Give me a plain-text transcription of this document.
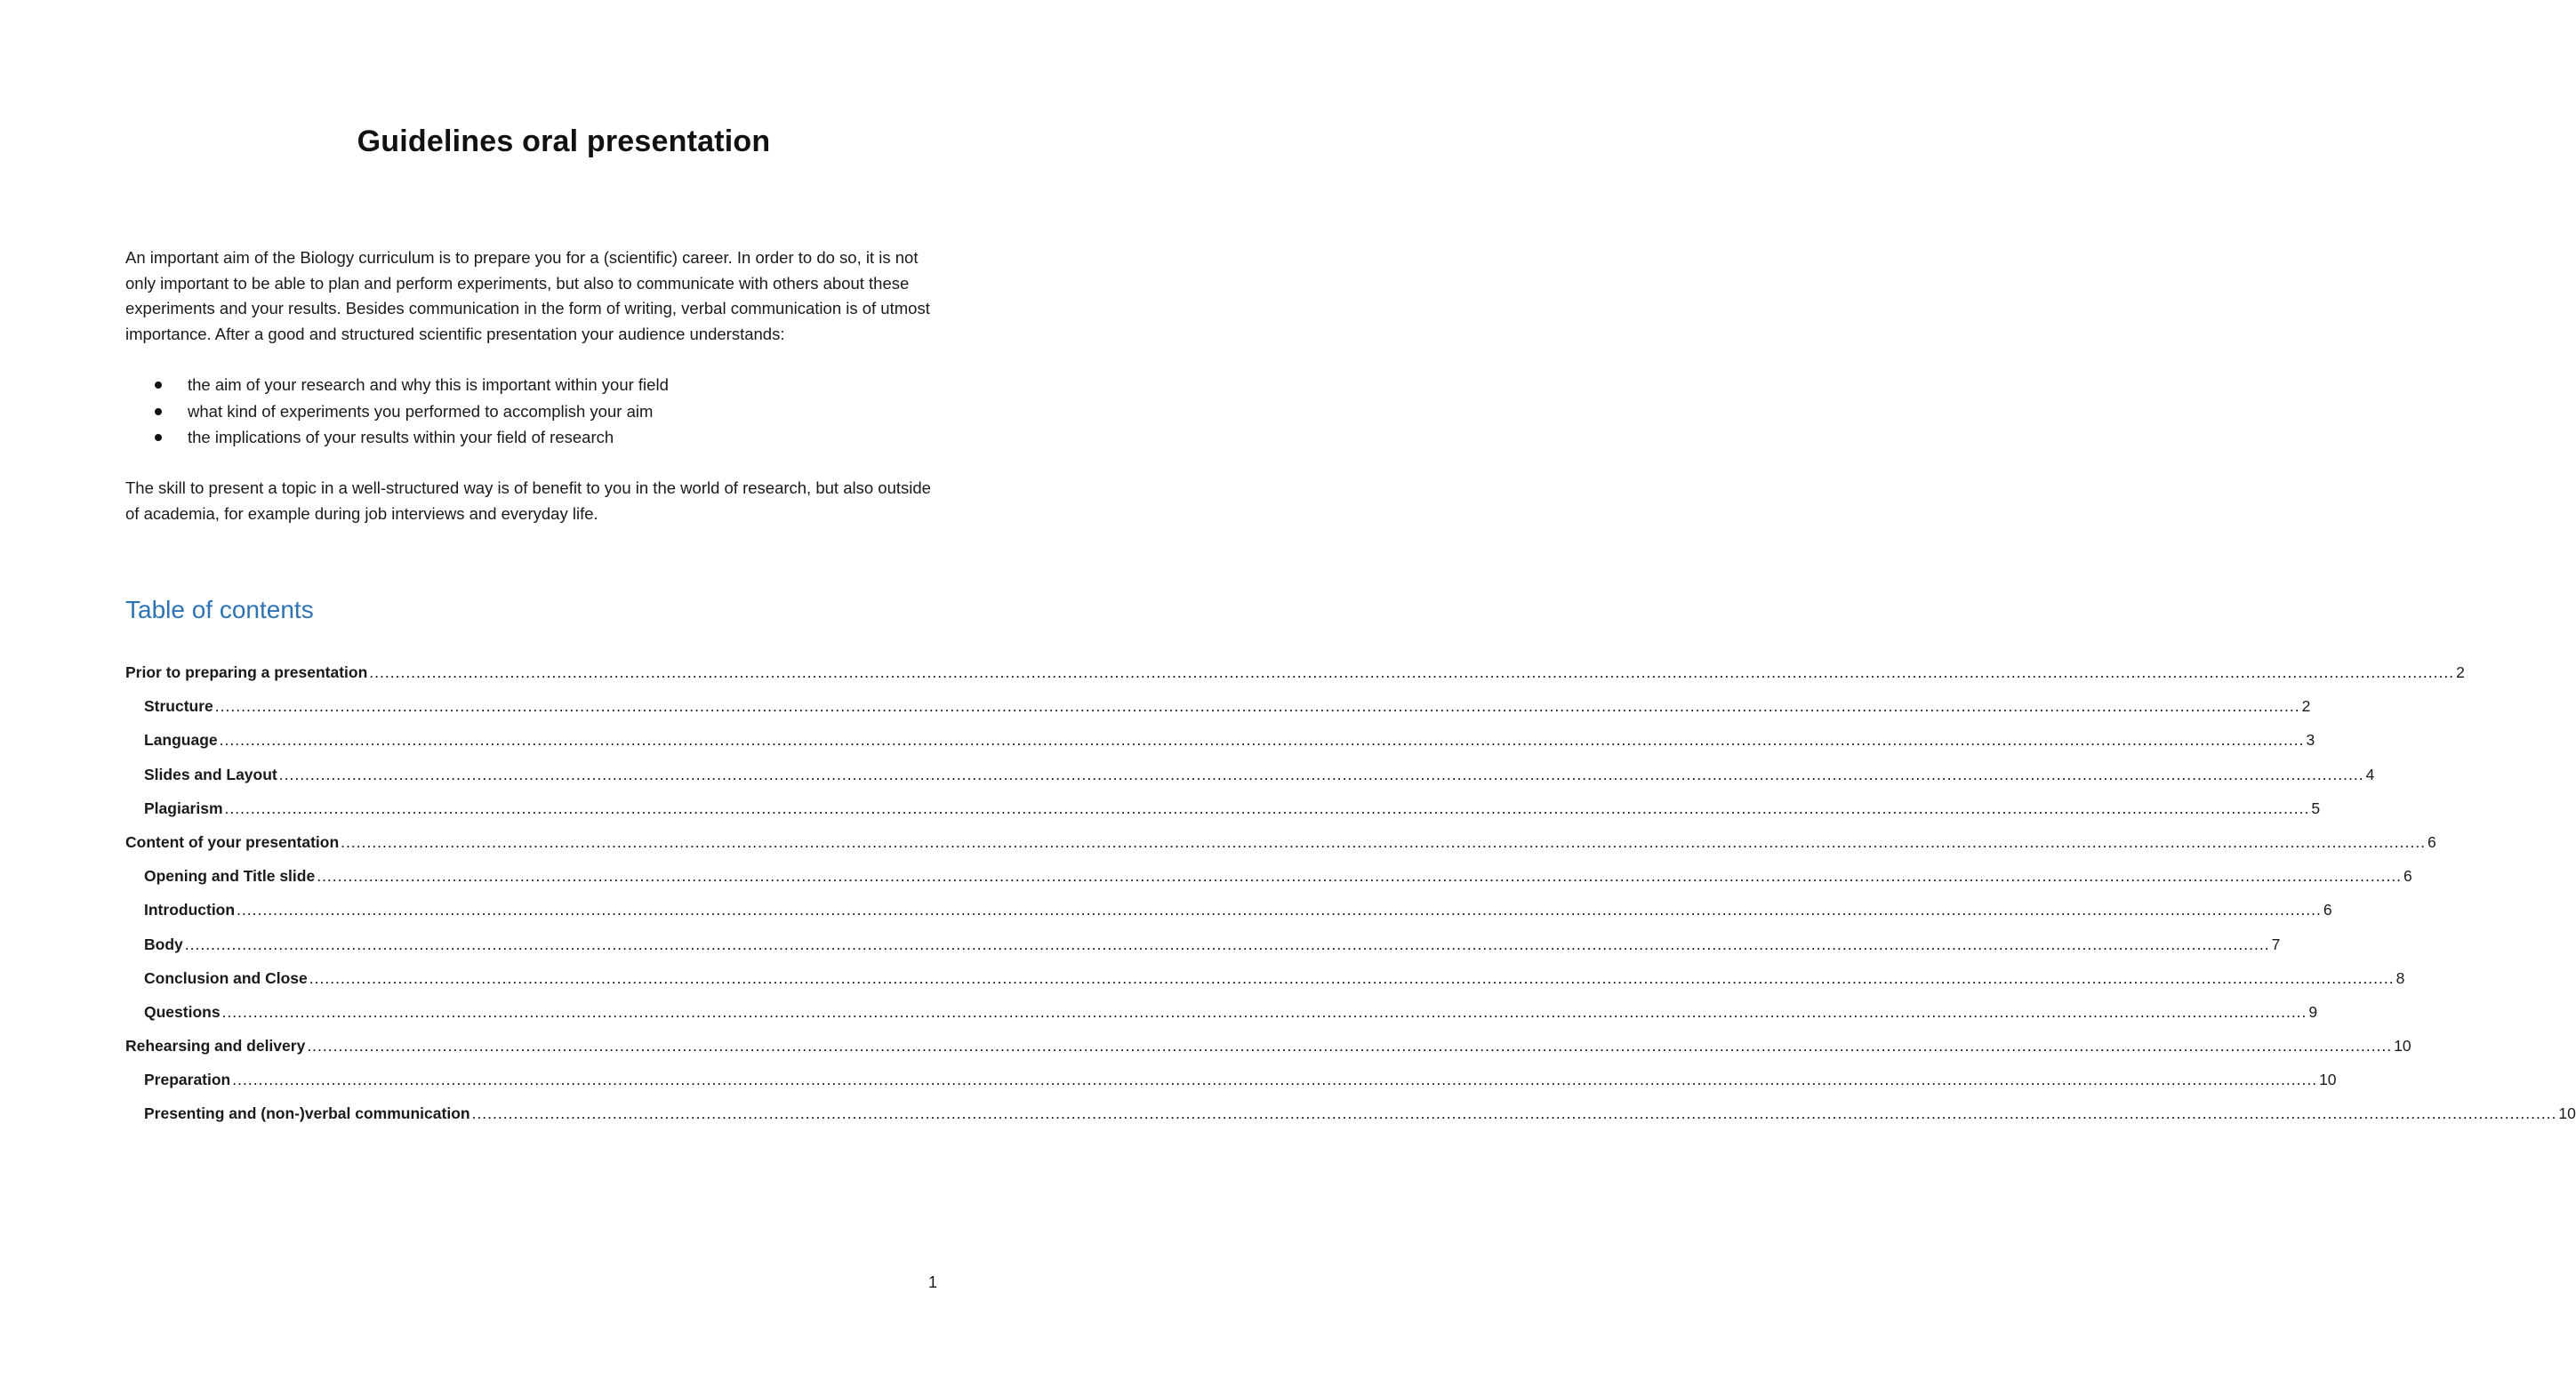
Guidelines oral presentation

An important aim of the Biology curriculum is to prepare you for a (scientific) career. In order to do so, it is not only important to be able to plan and perform experiments, but also to communicate with others about these experiments and your results. Besides communication in the form of writing, verbal communication is of utmost importance. After a good and structured scientific presentation your audience understands:

the aim of your research and why this is important within your field
what kind of experiments you performed to accomplish your aim
the implications of your results within your field of research

The skill to present a topic in a well-structured way is of benefit to you in the world of research, but also outside of academia, for example during job interviews and everyday life.

Table of contents
Prior to preparing a presentation ................................................................................................................................................................................................................................................................................................................................................................................................................ 2
Structure ................................................................................................................................................................................................................................................................................................................................................................................................................ 2
Language ................................................................................................................................................................................................................................................................................................................................................................................................................ 3
Slides and Layout ................................................................................................................................................................................................................................................................................................................................................................................................................ 4
Plagiarism ................................................................................................................................................................................................................................................................................................................................................................................................................ 5
Content of your presentation ................................................................................................................................................................................................................................................................................................................................................................................................................ 6
Opening and Title slide ................................................................................................................................................................................................................................................................................................................................................................................................................ 6
Introduction ................................................................................................................................................................................................................................................................................................................................................................................................................ 6
Body ................................................................................................................................................................................................................................................................................................................................................................................................................ 7
Conclusion and Close ................................................................................................................................................................................................................................................................................................................................................................................................................ 8
Questions ................................................................................................................................................................................................................................................................................................................................................................................................................ 9
Rehearsing and delivery ................................................................................................................................................................................................................................................................................................................................................................................................................ 10
Preparation ................................................................................................................................................................................................................................................................................................................................................................................................................ 10
Presenting and (non-)verbal communication ................................................................................................................................................................................................................................................................................................................................................................................................................ 10
1
